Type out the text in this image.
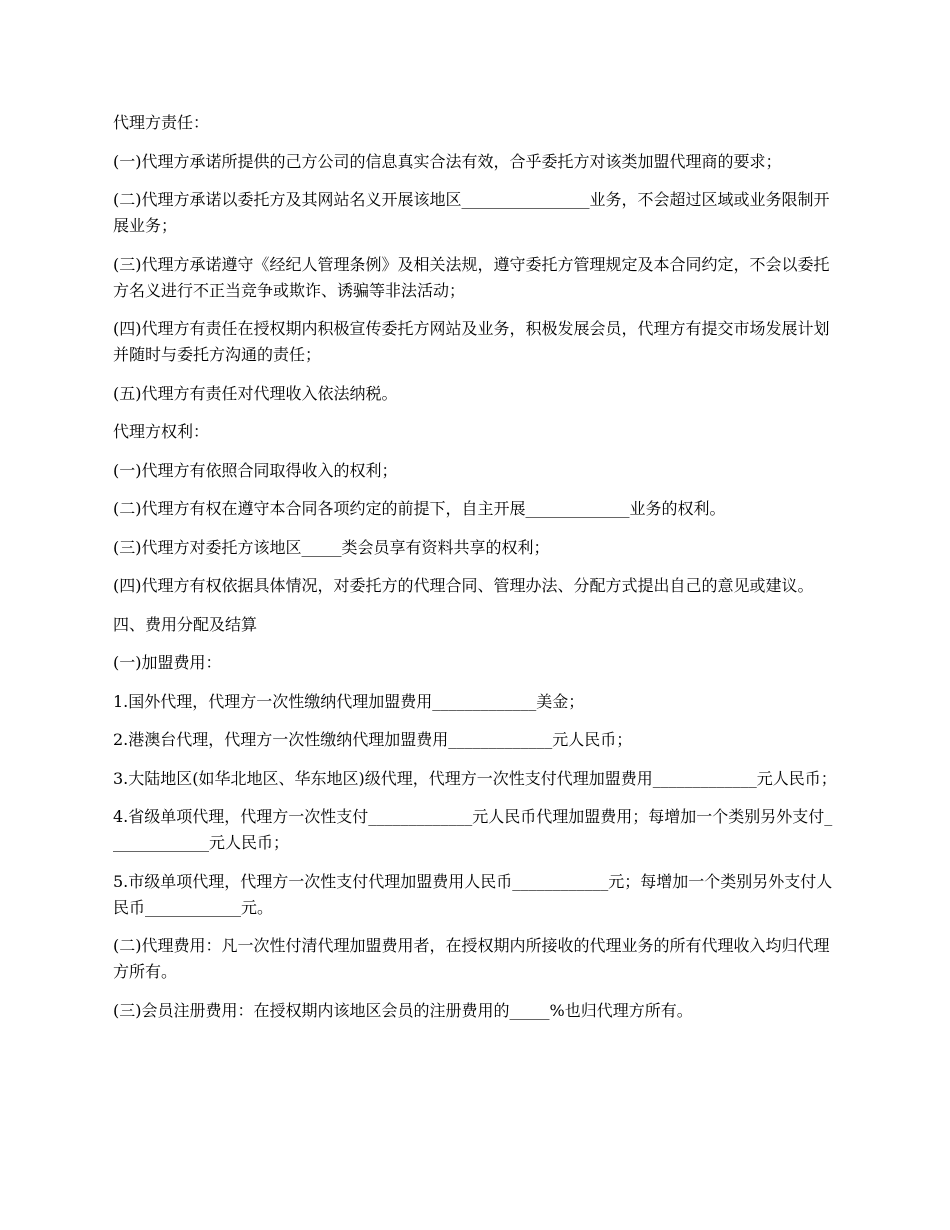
代理方责任：

(一)代理方承诺所提供的己方公司的信息真实合法有效，合乎委托方对该类加盟代理商的要求；

(二)代理方承诺以委托方及其网站名义开展该地区________________业务，不会超过区域或业务限制开展业务；

(三)代理方承诺遵守《经纪人管理条例》及相关法规，遵守委托方管理规定及本合同约定，不会以委托方名义进行不正当竞争或欺诈、诱骗等非法活动；

(四)代理方有责任在授权期内积极宣传委托方网站及业务，积极发展会员，代理方有提交市场发展计划并随时与委托方沟通的责任；

(五)代理方有责任对代理收入依法纳税。

代理方权利：

(一)代理方有依照合同取得收入的权利；

(二)代理方有权在遵守本合同各项约定的前提下，自主开展_____________业务的权利。

(三)代理方对委托方该地区_____类会员享有资料共享的权利；

(四)代理方有权依据具体情况，对委托方的代理合同、管理办法、分配方式提出自己的意见或建议。

四、费用分配及结算

(一)加盟费用：

1.国外代理，代理方一次性缴纳代理加盟费用_____________美金；

2.港澳台代理，代理方一次性缴纳代理加盟费用_____________元人民币；

3.大陆地区(如华北地区、华东地区)级代理，代理方一次性支付代理加盟费用_____________元人民币；

4.省级单项代理，代理方一次性支付_____________元人民币代理加盟费用；每增加一个类别另外支付_____________元人民币；

5.市级单项代理，代理方一次性支付代理加盟费用人民币____________元；每增加一个类别另外支付人民币____________元。

(二)代理费用：凡一次性付清代理加盟费用者，在授权期内所接收的代理业务的所有代理收入均归代理方所有。

(三)会员注册费用：在授权期内该地区会员的注册费用的_____%也归代理方所有。
